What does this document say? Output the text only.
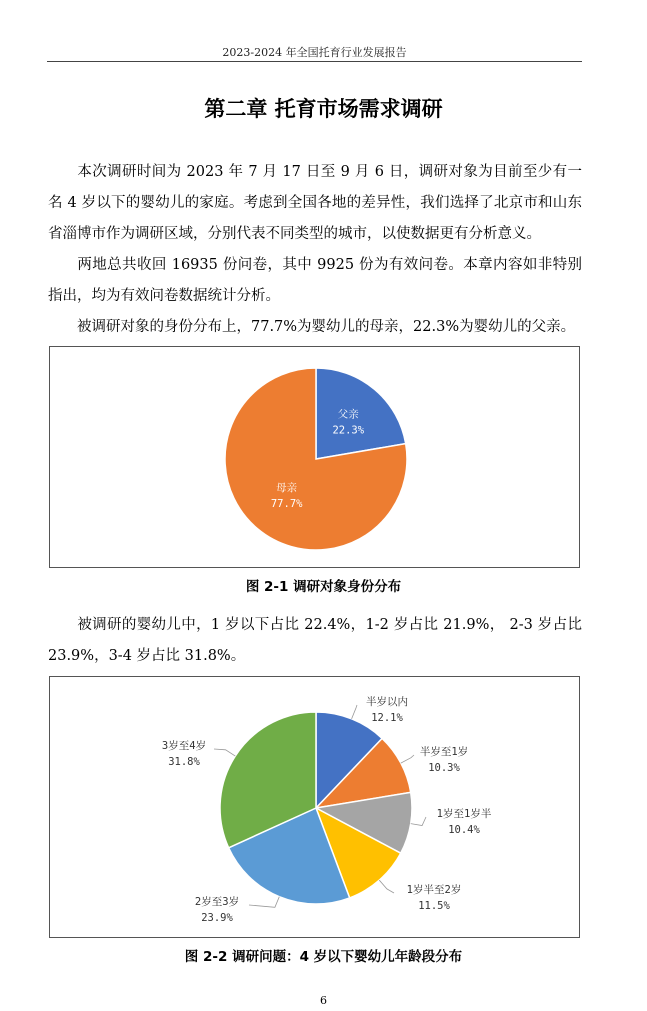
2023-2024 年全国托育行业发展报告
第二章 托育市场需求调研

本次调研时间为 2023 年 7 月 17 日至 9 月 6 日，调研对象为目前至少有一名 4 岁以下的婴幼儿的家庭。考虑到全国各地的差异性，我们选择了北京市和山东省淄博市作为调研区域，分别代表不同类型的城市，以使数据更有分析意义。

两地总共收回 16935 份问卷，其中 9925 份为有效问卷。本章内容如非特别指出，均为有效问卷数据统计分析。

被调研对象的身份分布上，77.7%为婴幼儿的母亲，22.3%为婴幼儿的父亲。

父亲
22.3%
母亲
77.7%
图 2-1 调研对象身份分布

被调研的婴幼儿中，1 岁以下占比 22.4%，1-2 岁占比 21.9%， 2-3 岁占比 23.9%，3-4 岁占比 31.8%。

半岁以内
12.1%
半岁至1岁
10.3%
1岁至1岁半
10.4%
1岁半至2岁
11.5%
2岁至3岁
23.9%
3岁至4岁
31.8%
图 2-2 调研问题：4 岁以下婴幼儿年龄段分布
6
